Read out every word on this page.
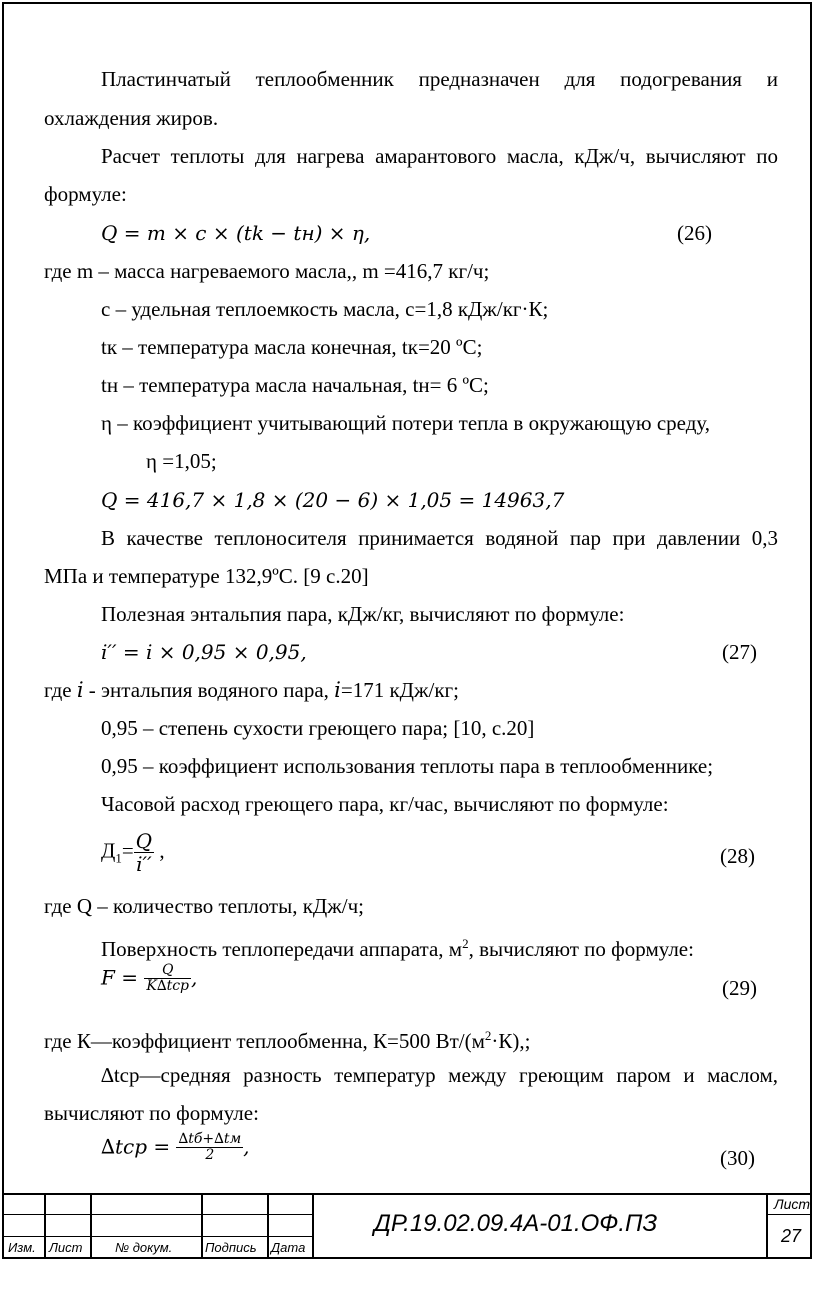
Пластинчатый теплообменник предназначен для подогревания и
охлаждения жиров.
Расчет теплоты для нагрева амарантового масла, кДж/ч, вычисляют по
формуле:
𝑄 = 𝑚 × 𝑐 × (𝑡𝑘 − 𝑡н) × 𝜂,	(26)
где m – масса нагреваемого масла,, m =416,7 кг/ч;
с – удельная теплоемкость масла, с=1,8 кДж/кг·К;
tк – температура масла конечная, tк=20 ºС;
tн – температура масла начальная, tн= 6 ºС;
η – коэффициент учитывающий потери тепла в окружающую среду,
η =1,05;
𝑄 = 416,7 × 1,8 × (20 − 6) × 1,05 = 14963,7
В качестве теплоносителя принимается водяной пар при давлении 0,3
МПа и температуре 132,9ºС. [9 с.20]
Полезная энтальпия пара, кДж/кг, вычисляют по формуле:
𝑖′′ = 𝑖 × 0,95 × 0,95,	(27)
где 𝑖 - энтальпия водяного пара, 𝑖=171 кДж/кг;
0,95 – степень сухости греющего пара; [10, с.20]
0,95 – коэффициент использования теплоты пара в теплообменнике;
Часовой расход греющего пара, кг/час, вычисляют по формуле:
$Д_1= \frac{\text{𝑄}}{\text{𝑖′′}}$ ,	(28)
где Q – количество теплоты, кДж/ч;
Поверхность теплопередачи аппарата, $м^2$, вычисляют по формуле:
𝐹 = $\frac{\text{𝑄}}{\text{𝐾∆𝑡ср}}$ ,	(29)
где К—коэффициент теплообменна, К=500 $Вт/(м^2\cdot К)$,;
∆tср—средняя разность температур между греющим паром и маслом,
вычисляют по формуле:
∆𝑡ср = $\frac{\text{∆𝑡б+∆𝑡м}}{2}$ ,	(30)
Изм. Лист	№ докум.	Подпись Дата
ДР.19.02.09.4А-01.ОФ.ПЗ
Лист
27
